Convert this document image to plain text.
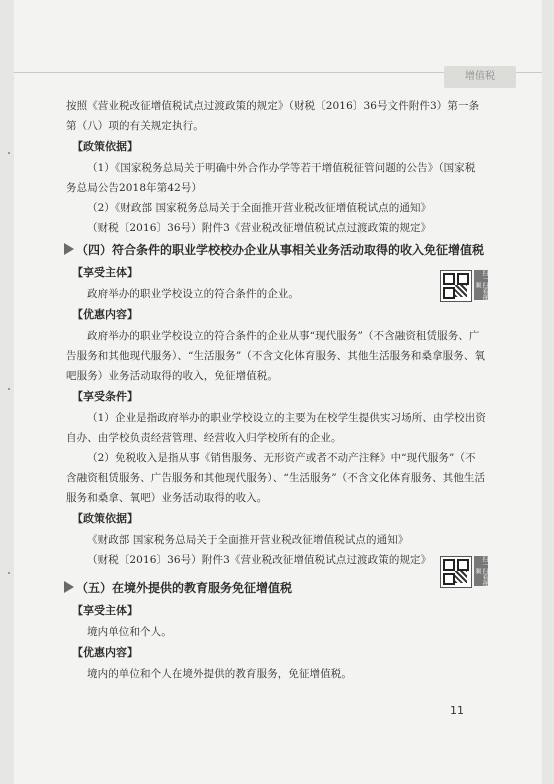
增值税

按照《营业税改征增值税试点过渡政策的规定》（财税〔2016〕36号文件附件3）第一条第（八）项的有关规定执行。

【政策依据】

（1）《国家税务总局关于明确中外合作办学等若干增值税征管问题的公告》（国家税务总局公告2018年第42号）

（2）《财政部 国家税务总局关于全面推开营业税改征增值税试点的通知》

（财税〔2016〕36号）附件3《营业税改征增值税试点过渡政策的规定》

（四）符合条件的职业学校校办企业从事相关业务活动取得的收入免征增值税
【享受主体】

政府举办的职业学校设立的符合条件的企业。

【优惠内容】

政府举办的职业学校设立的符合条件的企业从事“现代服务”（不含融资租赁服务、广告服务和其他现代服务）、“生活服务”（不含文化体育服务、其他生活服务和桑拿服务、氧吧服务）业务活动取得的收入，免征增值税。

【享受条件】

（1）企业是指政府举办的职业学校设立的主要为在校学生提供实习场所、由学校出资自办、由学校负责经营管理、经营收入归学校所有的企业。

（2）免税收入是指从事《销售服务、无形资产或者不动产注释》中“现代服务”（不含融资租赁服务、广告服务和其他现代服务）、“生活服务”（不含文化体育服务、其他生活服务和桑拿、氧吧）业务活动取得的收入。

【政策依据】

《财政部 国家税务总局关于全面推开营业税改征增值税试点的通知》

（财税〔2016〕36号）附件3《营业税改征增值税试点过渡政策的规定》

（五）在境外提供的教育服务免征增值税
【享受主体】

境内单位和个人。

【优惠内容】

境内的单位和个人在境外提供的教育服务，免征增值税。

扫一扫看视频
扫一扫看视频
11
